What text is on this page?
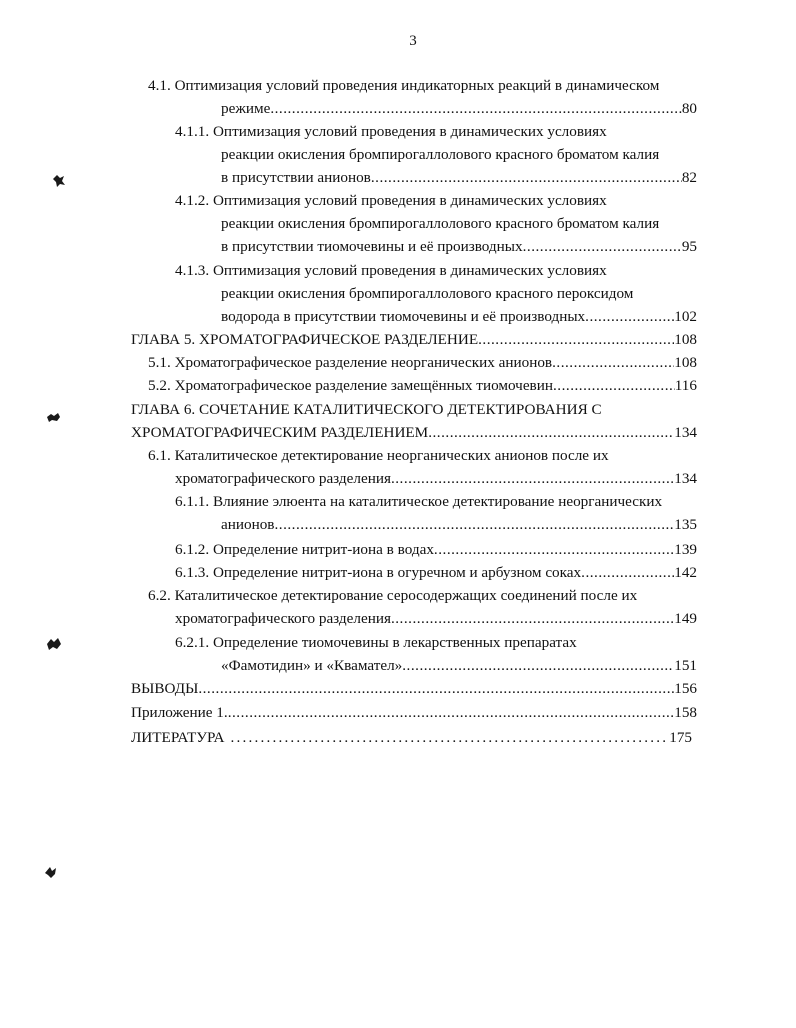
3
4.1. Оптимизация условий проведения индикаторных реакций в динамическом
режиме .....	80
4.1.1. Оптимизация условий проведения в динамических условиях
реакции окисления бромпирогаллолового красного броматом калия
в присутствии анионов .....	82
4.1.2. Оптимизация условий проведения в динамических условиях
реакции окисления бромпирогаллолового красного броматом калия
в присутствии тиомочевины и её производных .....	95
4.1.3. Оптимизация условий проведения в динамических условиях
реакции окисления бромпирогаллолового красного пероксидом
водорода в присутствии тиомочевины и её производных .....	102
ГЛАВА 5. ХРОМАТОГРАФИЧЕСКОЕ РАЗДЕЛЕНИЕ .....	108
5.1. Хроматографическое разделение неорганических анионов .....	108
5.2. Хроматографическое разделение замещённых тиомочевин .....	116
ГЛАВА 6. СОЧЕТАНИЕ КАТАЛИТИЧЕСКОГО ДЕТЕКТИРОВАНИЯ С
ХРОМАТОГРАФИЧЕСКИМ РАЗДЕЛЕНИЕМ .....	134
6.1. Каталитическое детектирование неорганических анионов после их
хроматографического разделения .....	134
6.1.1. Влияние элюента на каталитическое детектирование неорганических
анионов .....	135
6.1.2. Определение нитрит-иона в водах .....	139
6.1.3. Определение нитрит-иона в огуречном и арбузном соках .....	142
6.2. Каталитическое детектирование серосодержащих соединений после их
хроматографического разделения .....	149
6.2.1. Определение тиомочевины в лекарственных препаратах
«Фамотидин» и «Квамател» .....	151
ВЫВОДЫ .....	156
Приложение 1. .....	158
ЛИТЕРАТУРА .....	175
